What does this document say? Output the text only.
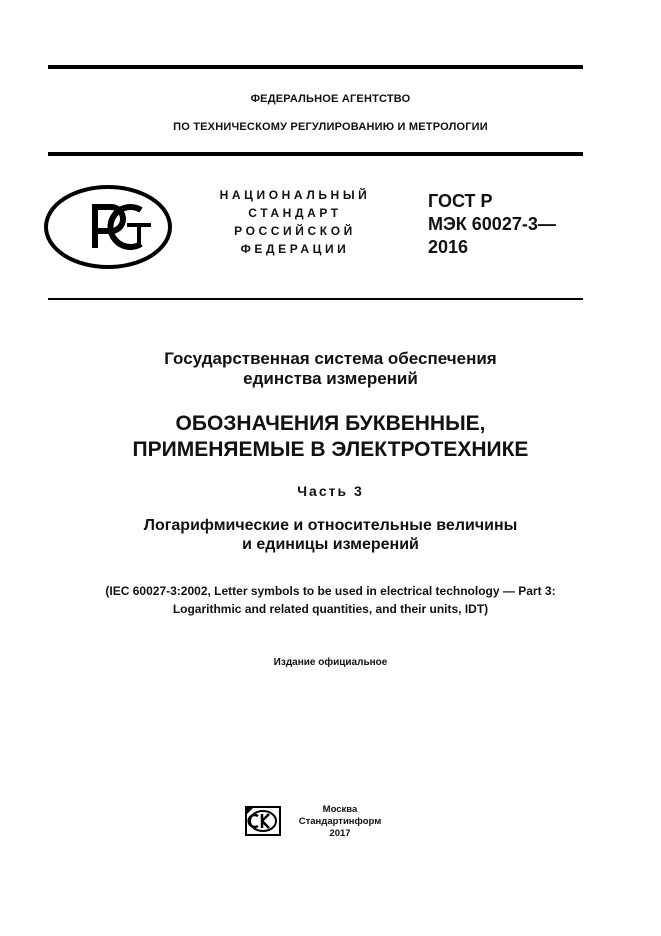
ФЕДЕРАЛЬНОЕ АГЕНТСТВО
ПО ТЕХНИЧЕСКОМУ РЕГУЛИРОВАНИЮ И МЕТРОЛОГИИ
НАЦИОНАЛЬНЫЙ
СТАНДАРТ
РОССИЙСКОЙ
ФЕДЕРАЦИИ
ГОСТ Р
МЭК 60027-3—
2016
Государственная система обеспечения
единства измерений
ОБОЗНАЧЕНИЯ БУКВЕННЫЕ,
ПРИМЕНЯЕМЫЕ В ЭЛЕКТРОТЕХНИКЕ
Часть 3
Логарифмические и относительные величины
и единицы измерений
(IEC 60027-3:2002, Letter symbols to be used in electrical technology — Part 3:
Logarithmic and related quantities, and their units, IDT)
Издание официальное
Москва
Стандартинформ
2017
